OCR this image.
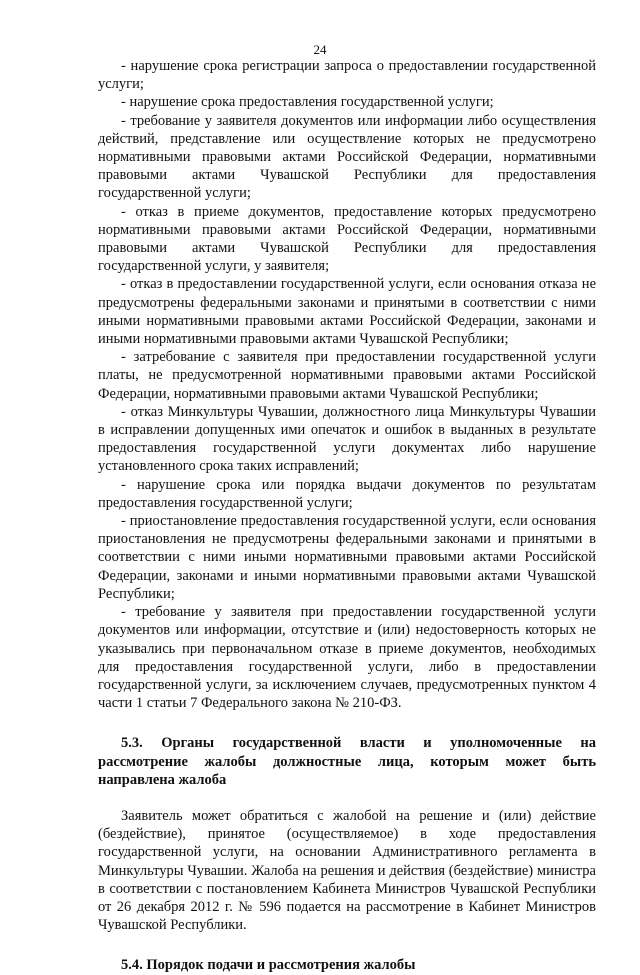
24

- нарушение срока регистрации запроса о предоставлении государственной услуги;

- нарушение срока предоставления государственной услуги;

- требование у заявителя документов или информации либо осуществления действий, представление или осуществление которых не предусмотрено нормативными правовыми актами Российской Федерации, нормативными правовыми актами Чувашской Республики для предоставления государственной услуги;

- отказ в приеме документов, предоставление которых предусмотрено нормативными правовыми актами Российской Федерации, нормативными правовыми актами Чувашской Республики для предоставления государственной услуги, у заявителя;

- отказ в предоставлении государственной услуги, если основания отказа не предусмотрены федеральными законами и принятыми в соответствии с ними иными нормативными правовыми актами Российской Федерации, законами и иными нормативными правовыми актами Чувашской Республики;

- затребование с заявителя при предоставлении государственной услуги платы, не предусмотренной нормативными правовыми актами Российской Федерации, нормативными правовыми актами Чувашской Республики;

- отказ Минкультуры Чувашии, должностного лица Минкультуры Чувашии в исправлении допущенных ими опечаток и ошибок в выданных в результате предоставления государственной услуги документах либо нарушение установленного срока таких исправлений;

- нарушение срока или порядка выдачи документов по результатам предоставления государственной услуги;

- приостановление предоставления государственной услуги, если основания приостановления не предусмотрены федеральными законами и принятыми в соответствии с ними иными нормативными правовыми актами Российской Федерации, законами и иными нормативными правовыми актами Чувашской Республики;

- требование у заявителя при предоставлении государственной услуги документов или информации, отсутствие и (или) недостоверность которых не указывались при первоначальном отказе в приеме документов, необходимых для предоставления государственной услуги, либо в предоставлении государственной услуги, за исключением случаев, предусмотренных пунктом 4 части 1 статьи 7 Федерального закона № 210-ФЗ.

5.3. Органы государственной власти и уполномоченные на рассмотрение жалобы должностные лица, которым может быть направлена жалоба

Заявитель может обратиться с жалобой на решение и (или) действие (бездействие), принятое (осуществляемое) в ходе предоставления государственной услуги, на основании Административного регламента в Минкультуры Чувашии. Жалоба на решения и действия (бездействие) министра в соответствии с постановлением Кабинета Министров Чувашской Республики от 26 декабря 2012 г. № 596 подается на рассмотрение в Кабинет Министров Чувашской Республики.

5.4. Порядок подачи и рассмотрения жалобы
